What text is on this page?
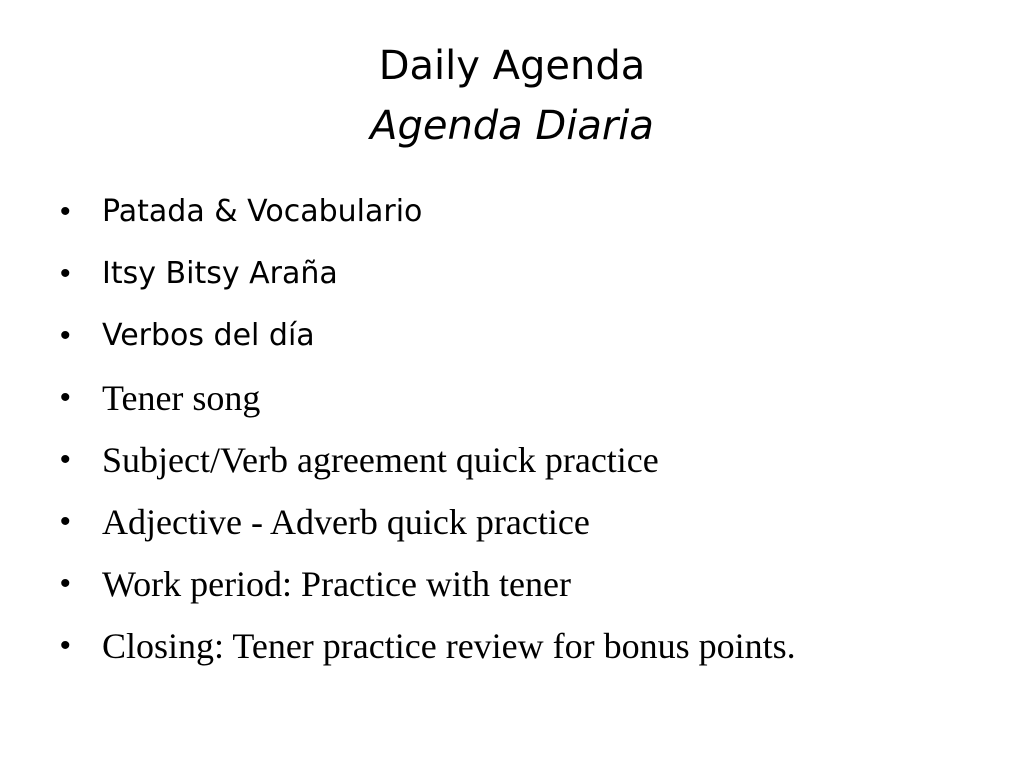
Daily Agenda
Agenda Diaria
• Patada & Vocabulario
• Itsy Bitsy Araña
• Verbos del día
• Tener song
• Subject/Verb agreement quick practice
• Adjective - Adverb quick practice
• Work period: Practice with tener
• Closing: Tener practice review for bonus points.
